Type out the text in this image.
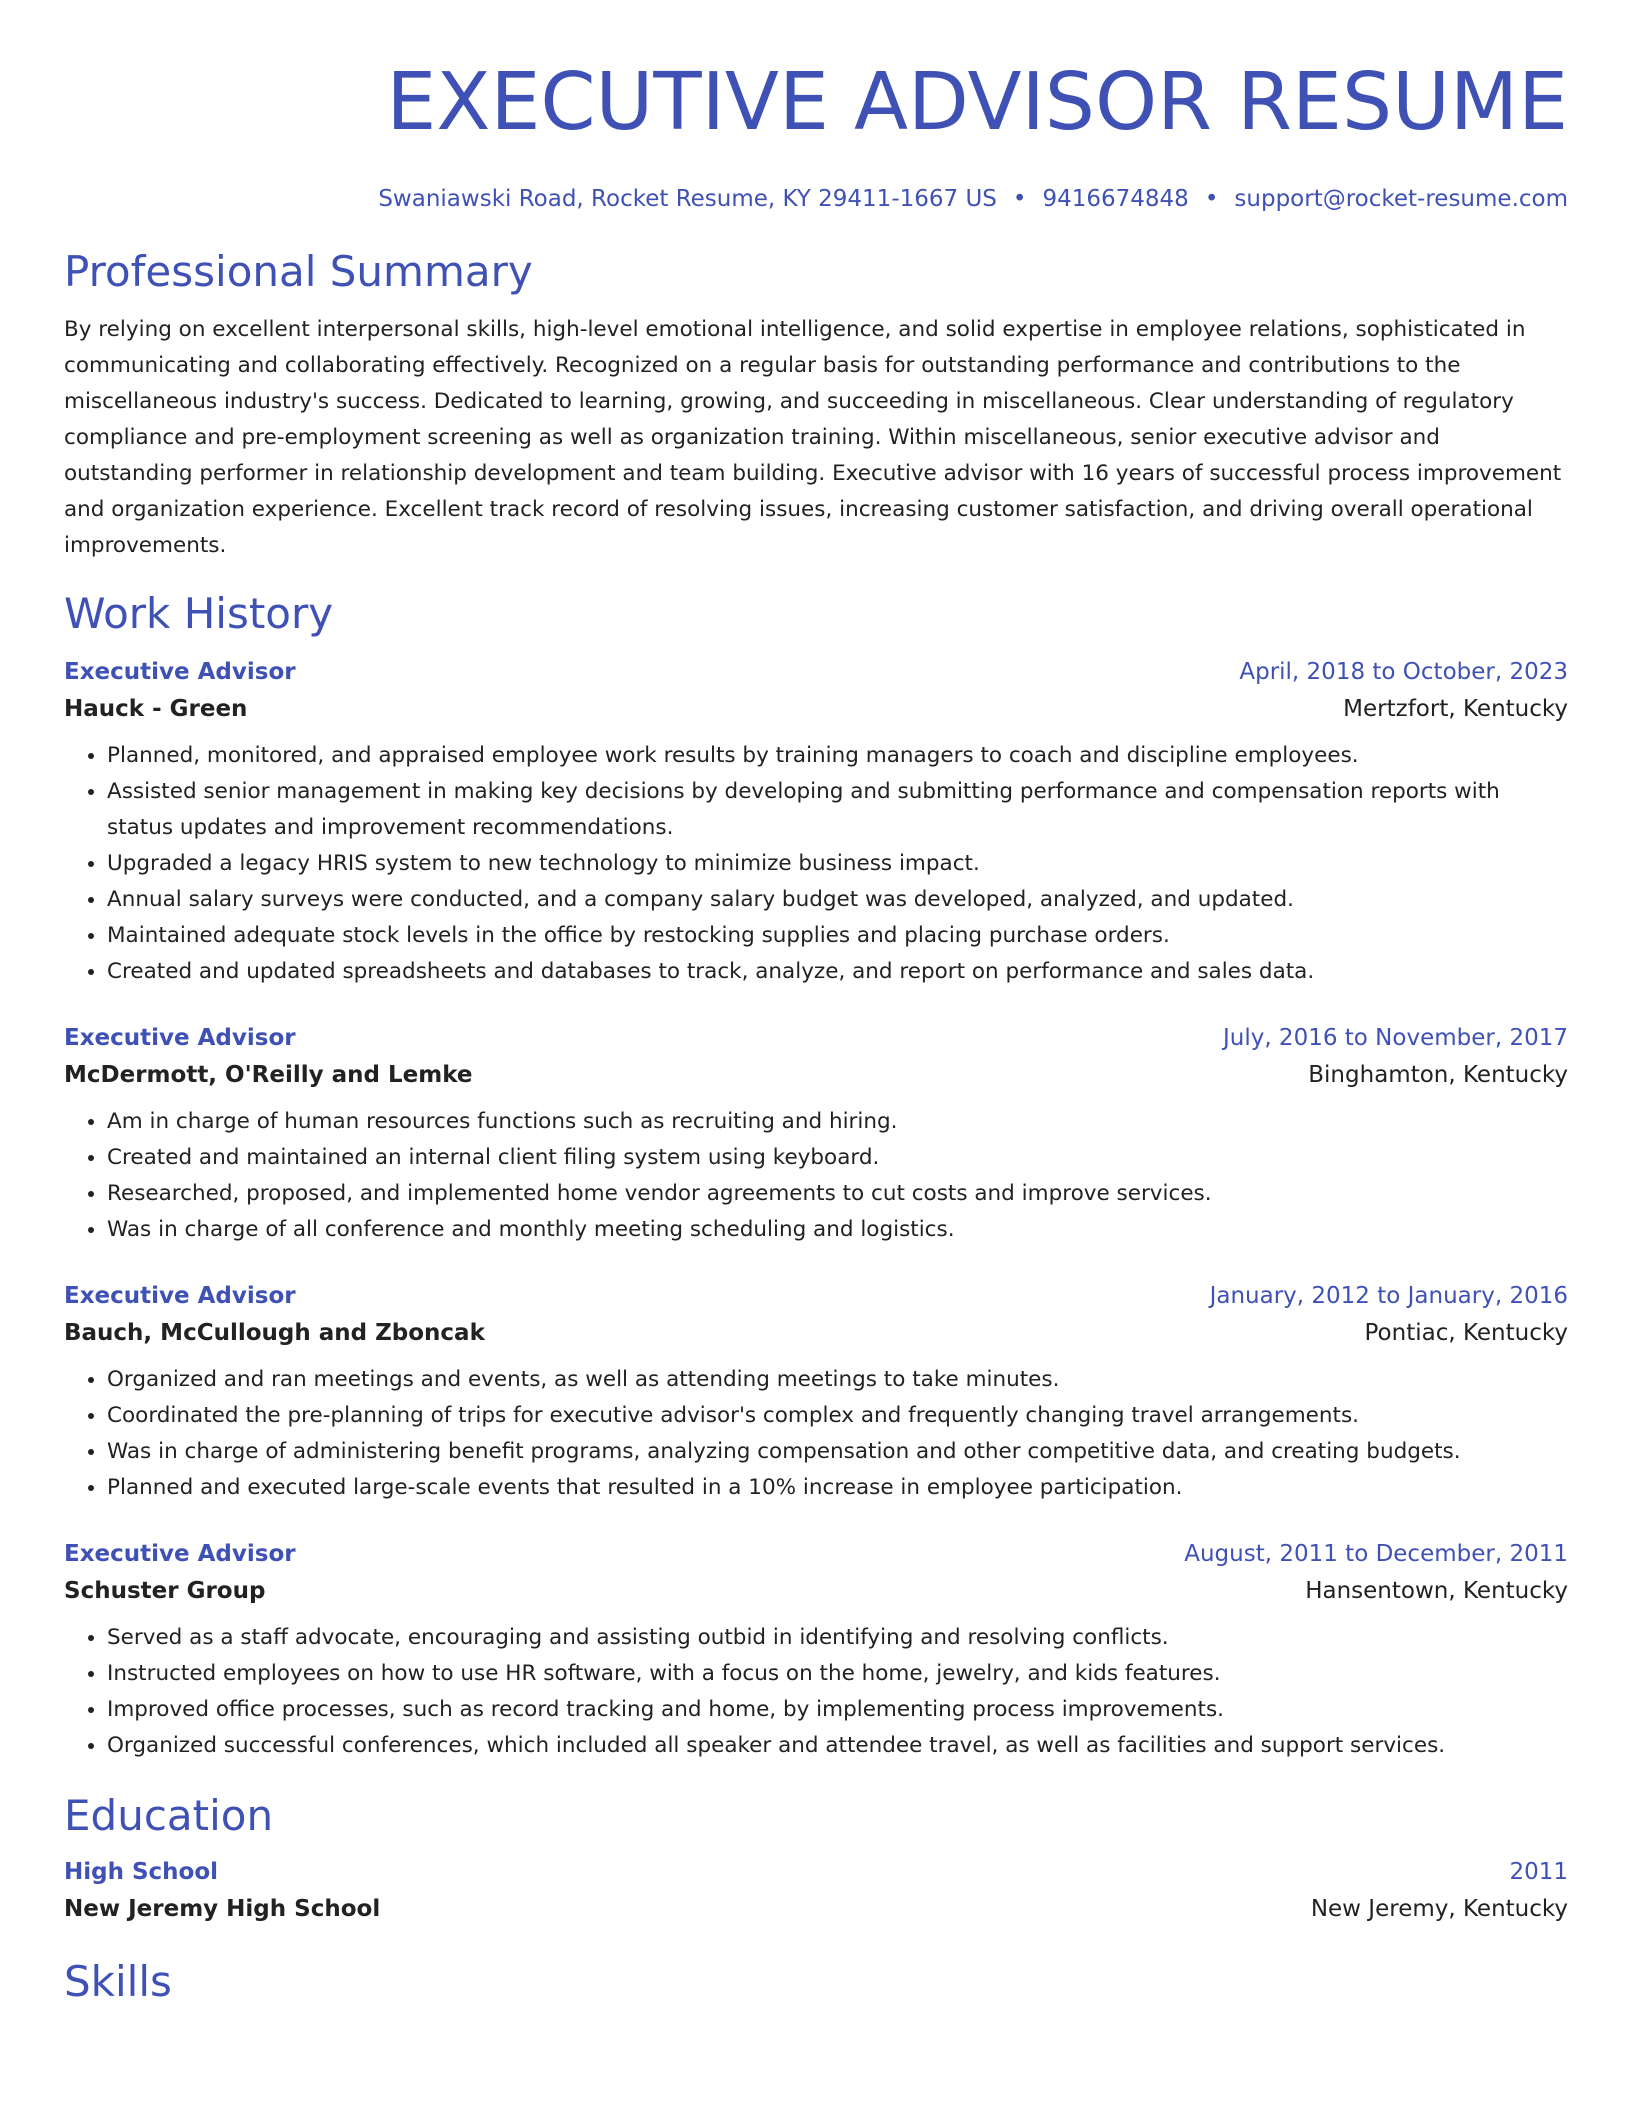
EXECUTIVE ADVISOR RESUME
Swaniawski Road, Rocket Resume, KY 29411-1667 US • 9416674848 • support@rocket-resume.com
Professional Summary

By relying on excellent interpersonal skills, high-level emotional intelligence, and solid expertise in employee relations, sophisticated in communicating and collaborating effectively. Recognized on a regular basis for outstanding performance and contributions to the miscellaneous industry's success. Dedicated to learning, growing, and succeeding in miscellaneous. Clear understanding of regulatory compliance and pre-employment screening as well as organization training. Within miscellaneous, senior executive advisor and outstanding performer in relationship development and team building. Executive advisor with 16 years of successful process improvement and organization experience. Excellent track record of resolving issues, increasing customer satisfaction, and driving overall operational improvements.

Work History
Executive Advisor	April, 2018 to October, 2023
Hauck - Green	Mertzfort, Kentucky
• Planned, monitored, and appraised employee work results by training managers to coach and discipline employees.
• Assisted senior management in making key decisions by developing and submitting performance and compensation reports with status updates and improvement recommendations.
• Upgraded a legacy HRIS system to new technology to minimize business impact.
• Annual salary surveys were conducted, and a company salary budget was developed, analyzed, and updated.
• Maintained adequate stock levels in the office by restocking supplies and placing purchase orders.
• Created and updated spreadsheets and databases to track, analyze, and report on performance and sales data.
Executive Advisor	July, 2016 to November, 2017
McDermott, O'Reilly and Lemke	Binghamton, Kentucky
• Am in charge of human resources functions such as recruiting and hiring.
• Created and maintained an internal client filing system using keyboard.
• Researched, proposed, and implemented home vendor agreements to cut costs and improve services.
• Was in charge of all conference and monthly meeting scheduling and logistics.
Executive Advisor	January, 2012 to January, 2016
Bauch, McCullough and Zboncak	Pontiac, Kentucky
• Organized and ran meetings and events, as well as attending meetings to take minutes.
• Coordinated the pre-planning of trips for executive advisor's complex and frequently changing travel arrangements.
• Was in charge of administering benefit programs, analyzing compensation and other competitive data, and creating budgets.
• Planned and executed large-scale events that resulted in a 10% increase in employee participation.
Executive Advisor	August, 2011 to December, 2011
Schuster Group	Hansentown, Kentucky
• Served as a staff advocate, encouraging and assisting outbid in identifying and resolving conflicts.
• Instructed employees on how to use HR software, with a focus on the home, jewelry, and kids features.
• Improved office processes, such as record tracking and home, by implementing process improvements.
• Organized successful conferences, which included all speaker and attendee travel, as well as facilities and support services.
Education
High School	2011
New Jeremy High School	New Jeremy, Kentucky
Skills
